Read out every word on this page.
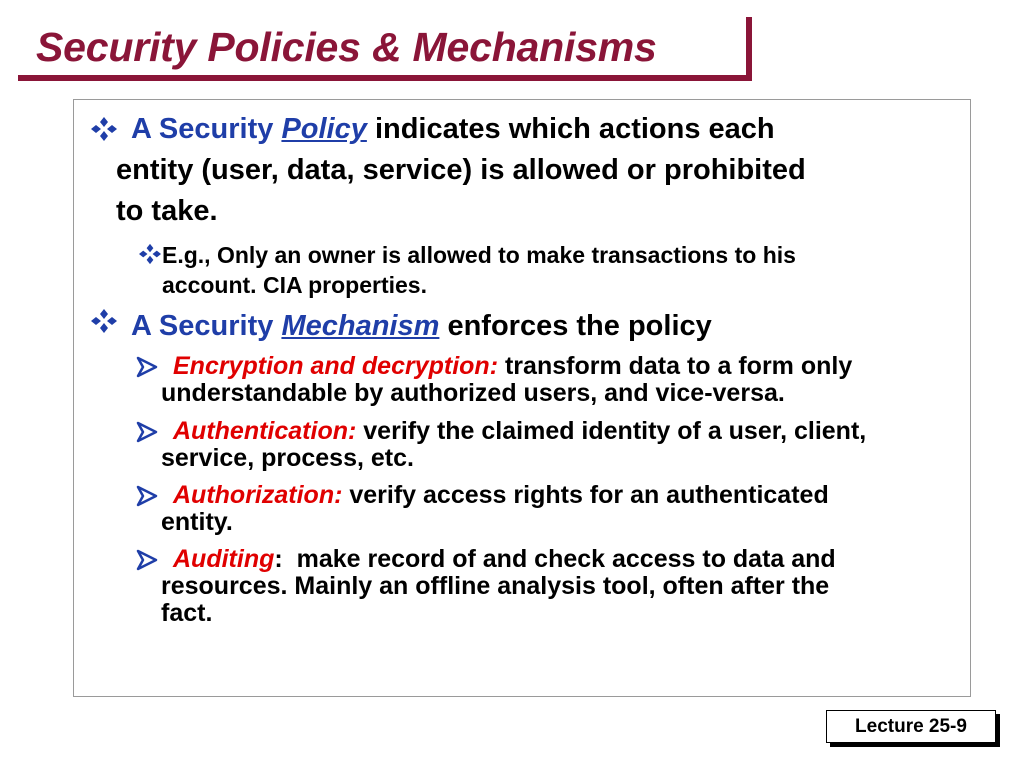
Security Policies & Mechanisms
A Security Policy indicates which actions each
entity (user, data, service) is allowed or prohibited
to take.
E.g., Only an owner is allowed to make transactions to his
account. CIA properties.
A Security Mechanism enforces the policy
Encryption and decryption: transform data to a form only
understandable by authorized users, and vice-versa.
Authentication: verify the claimed identity of a user, client,
service, process, etc.
Authorization: verify access rights for an authenticated
entity.
Auditing: make record of and check access to data and
resources. Mainly an offline analysis tool, often after the
fact.
Lecture 25-9
